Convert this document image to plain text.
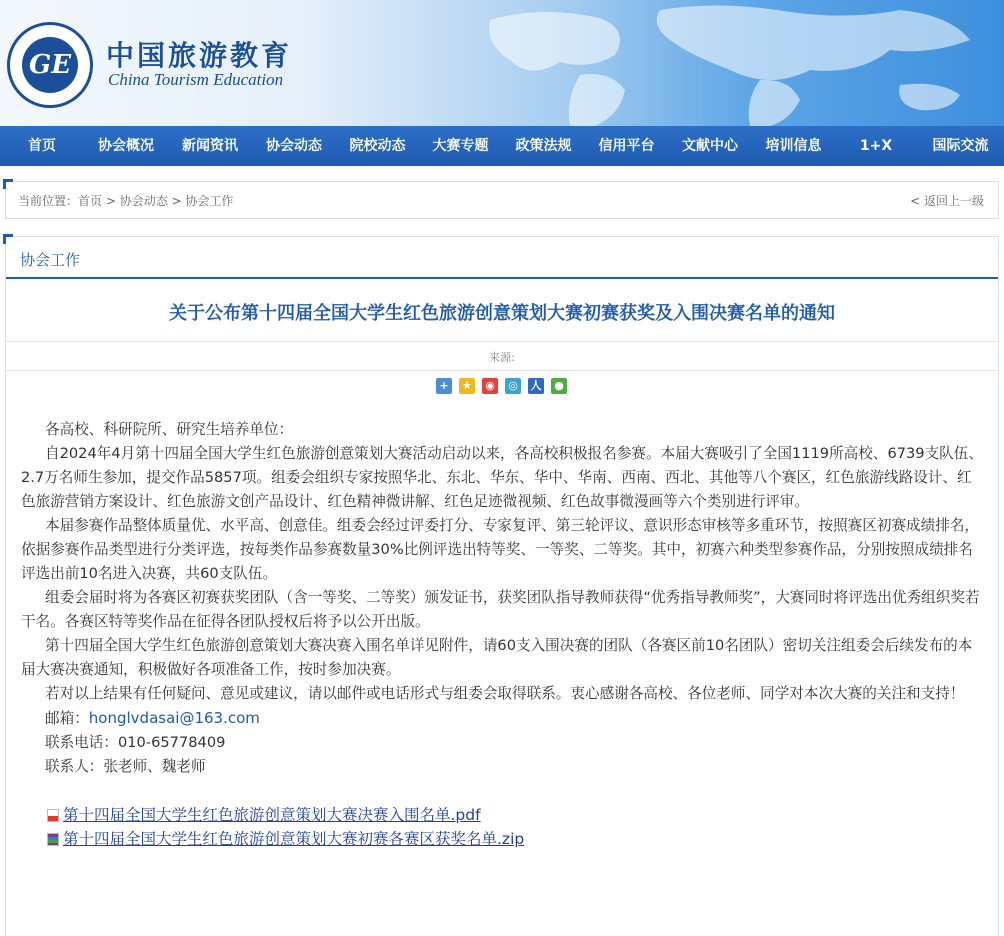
GE 中国旅游教育
China Tourism Education
首页	协会概况	新闻资讯	协会动态	院校动态	大赛专题	政策法规	信用平台	文献中心	培训信息	1+X	国际交流
当前位置：首页 > 协会动态 > 协会工作	< 返回上一级
协会工作
关于公布第十四届全国大学生红色旅游创意策划大赛初赛获奖及入围决赛名单的通知
来源:
+	★ ◉ ◎ 人 ●

各高校、科研院所、研究生培养单位：

自2024年4月第十四届全国大学生红色旅游创意策划大赛活动启动以来，各高校积极报名参赛。本届大赛吸引了全国1119所高校、6739支队伍、2.7万名师生参加，提交作品5857项。组委会组织专家按照华北、东北、华东、华中、华南、西南、西北、其他等八个赛区，红色旅游线路设计、红色旅游营销方案设计、红色旅游文创产品设计、红色精神微讲解、红色足迹微视频、红色故事微漫画等六个类别进行评审。

本届参赛作品整体质量优、水平高、创意佳。组委会经过评委打分、专家复评、第三轮评议、意识形态审核等多重环节，按照赛区初赛成绩排名，依据参赛作品类型进行分类评选，按每类作品参赛数量30%比例评选出特等奖、一等奖、二等奖。其中，初赛六种类型参赛作品，分别按照成绩排名评选出前10名进入决赛，共60支队伍。

组委会届时将为各赛区初赛获奖团队（含一等奖、二等奖）颁发证书，获奖团队指导教师获得“优秀指导教师奖”，大赛同时将评选出优秀组织奖若干名。各赛区特等奖作品在征得各团队授权后将予以公开出版。

第十四届全国大学生红色旅游创意策划大赛决赛入围名单详见附件，请60支入围决赛的团队（各赛区前10名团队）密切关注组委会后续发布的本届大赛决赛通知，积极做好各项准备工作，按时参加决赛。

若对以上结果有任何疑问、意见或建议，请以邮件或电话形式与组委会取得联系。衷心感谢各高校、各位老师、同学对本次大赛的关注和支持！

邮箱：honglvdasai@163.com

联系电话：010-65778409

联系人：张老师、魏老师

第十四届全国大学生红色旅游创意策划大赛决赛入围名单.pdf
第十四届全国大学生红色旅游创意策划大赛初赛各赛区获奖名单.zip
